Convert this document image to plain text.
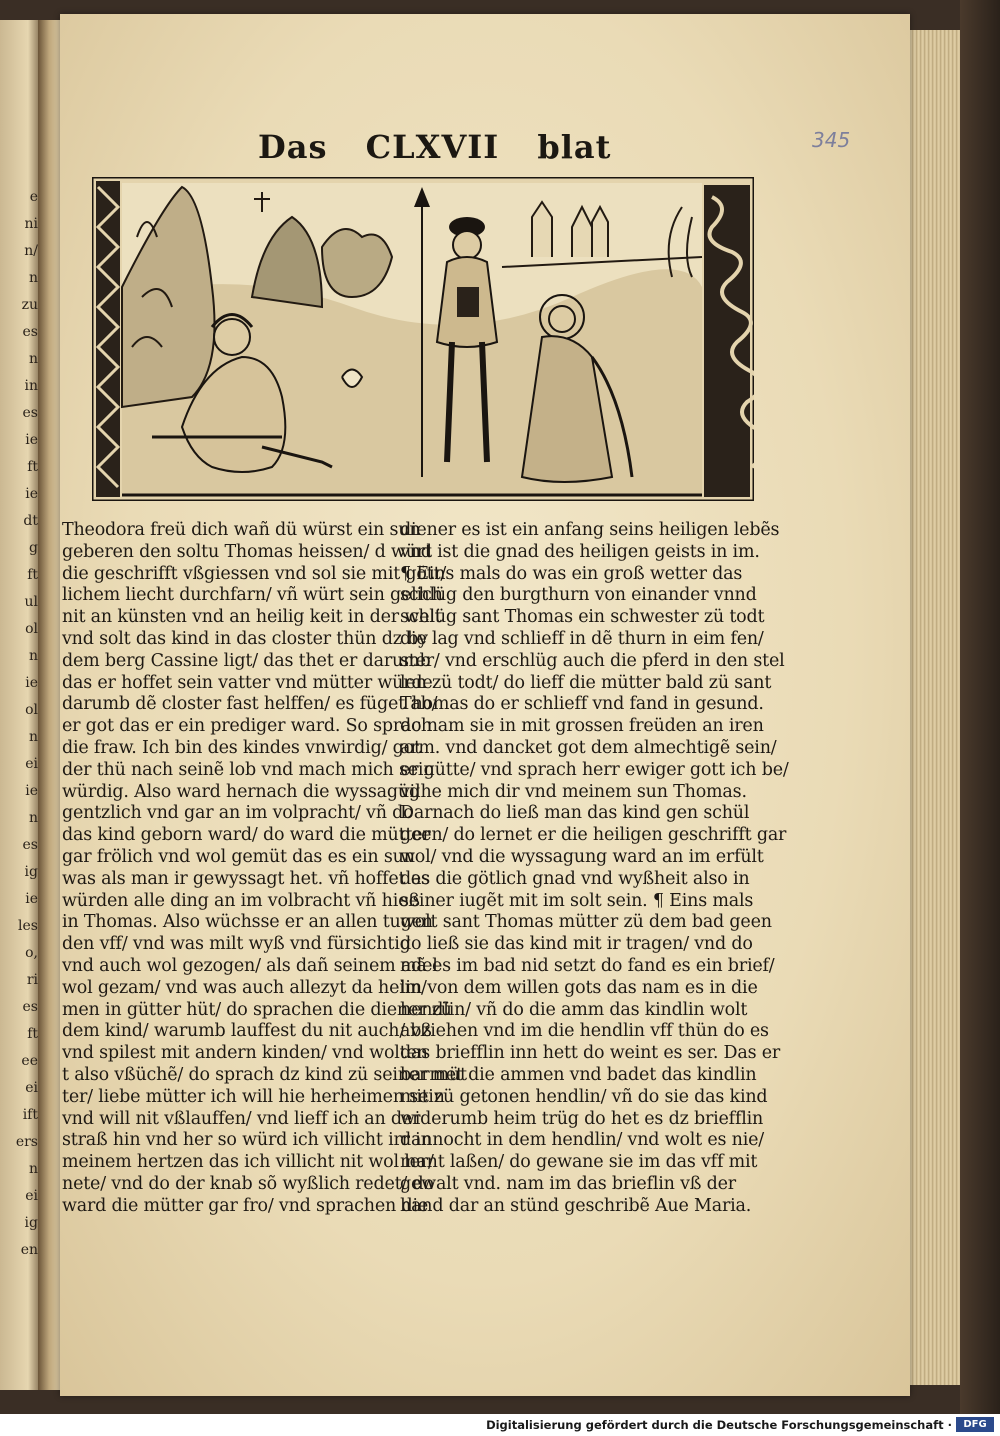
e
ni
n/
n
zu
es
n
in
es
ie
ft
ie
dt
g
ft
ul
ol
n
ie
ol
n
ei
ie
n
es
ig
ie
les
o,
ri
es
ft
ee
ei
ift
ers
n
ei
ig
en
Das CLXVII blat	345
Theodora freü dich wañ dü würst ein sun
geberen den soltu Thomas heissen/ d würt
die geschrifft vßgiessen vnd sol sie mit gött/
lichem liecht durchfarn/ vñ würt sein gelich
nit an künsten vnd an heilig keit in der welt
vnd solt das kind in das closter thün dz by
dem berg Cassine ligt/ das thet er darumb
das er hoffet sein vatter vnd mütter würde
darumb dẽ closter fast helffen/ es füget ab/
er got das er ein prediger ward. So sprach
die fraw. Ich bin des kindes vnwirdig/ got
der thü nach seinẽ lob vnd mach mich sein
würdig. Also ward hernach die wyssagüg
gentzlich vnd gar an im volpracht/ vñ do
das kind geborn ward/ do ward die mütter
gar frölich vnd wol gemüt das es ein sun
was als man ir gewyssagt het. vñ hoffet es
würden alle ding an im volbracht vñ hieß
in Thomas. Also wüchsse er an allen tugen
den vff/ vnd was milt wyß vnd fürsichtig
vnd auch wol gezogen/ als dañ seinem adel
wol gezam/ vnd was auch allezyt da heim/
men in gütter hüt/ do sprachen die diener zü
dem kind/ warumb lauffest du nit auch/ vß
vnd spilest mit andern kinden/ vnd wolten
t also vßüchẽ/ do sprach dz kind zü seiner müt
ter/ liebe mütter ich will hie herheimen sein
vnd will nit vßlauffen/ vnd lieff ich an der
straß hin vnd her so würd ich villicht irr in
meinem hertzen das ich villicht nit wol ler/
nete/ vnd do der knab sõ wyßlich redet/ do
ward die mütter gar fro/ vnd sprachen die
diener es ist ein anfang seins heiligen lebẽs
vnd ist die gnad des heiligen geists in im.
¶ Eins mals do was ein groß wetter das
schlüg den burgthurn von einander vnnd
schlüg sant Thomas ein schwester zü todt
die lag vnd schlieff in dẽ thurn in eim fen/
ster/ vnd erschlüg auch die pferd in den stel
len zü todt/ do lieff die mütter bald zü sant
Thomas do er schlieff vnd fand in gesund.
do nam sie in mit grossen freüden an iren
arm. vnd dancket got dem almechtigẽ sein/
er gütte/ vnd sprach herr ewiger gott ich be/
vilhe mich dir vnd meinem sun Thomas.
Darnach do ließ man das kind gen schül
geen/ do lernet er die heiligen geschrifft gar
wol/ vnd die wyssagung ward an im erfült
das die götlich gnad vnd wyßheit also in
seiner iugẽt mit im solt sein. ¶ Eins mals
wolt sant Thomas mütter zü dem bad geen
do ließ sie das kind mit ir tragen/ vnd do
mã es im bad nid setzt do fand es ein brief/
lin von dem willen gots das nam es in die
hendlin/ vñ do die amm das kindlin wolt
abziehen vnd im die hendlin vff thün do es
das briefflin inn hett do weint es ser. Das er
barmet die ammen vnd badet das kindlin
mit zü getonen hendlin/ vñ do sie das kind
widerumb heim trüg do het es dz briefflin
dannocht in dem hendlin/ vnd wolt es nie/
mant laßen/ do gewane sie im das vff mit
gewalt vnd. nam im das brieflin vß der
hand dar an stünd geschribẽ Aue Maria.
Digitalisierung gefördert durch die Deutsche Forschungsgemeinschaft ·	DFG
